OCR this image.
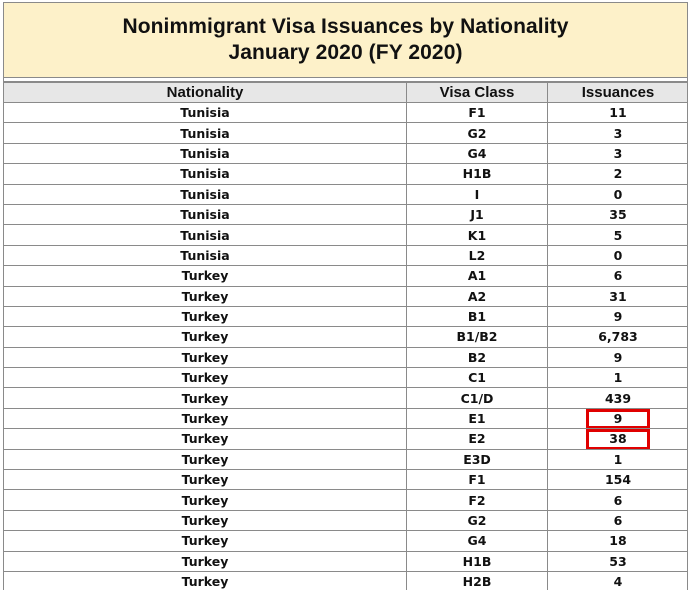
Nonimmigrant Visa Issuances by Nationality
January 2020 (FY 2020)
Nationality	Visa Class	Issuances
Tunisia	F1	11
Tunisia	G2	3
Tunisia	G4	3
Tunisia	H1B	2
Tunisia	I	0
Tunisia	J1	35
Tunisia	K1	5
Tunisia	L2	0
Turkey	A1	6
Turkey	A2	31
Turkey	B1	9
Turkey	B1/B2	6,783
Turkey	B2	9
Turkey	C1	1
Turkey	C1/D	439
Turkey	E1	9
Turkey	E2	38
Turkey	E3D	1
Turkey	F1	154
Turkey	F2	6
Turkey	G2	6
Turkey	G4	18
Turkey	H1B	53
Turkey	H2B	4
